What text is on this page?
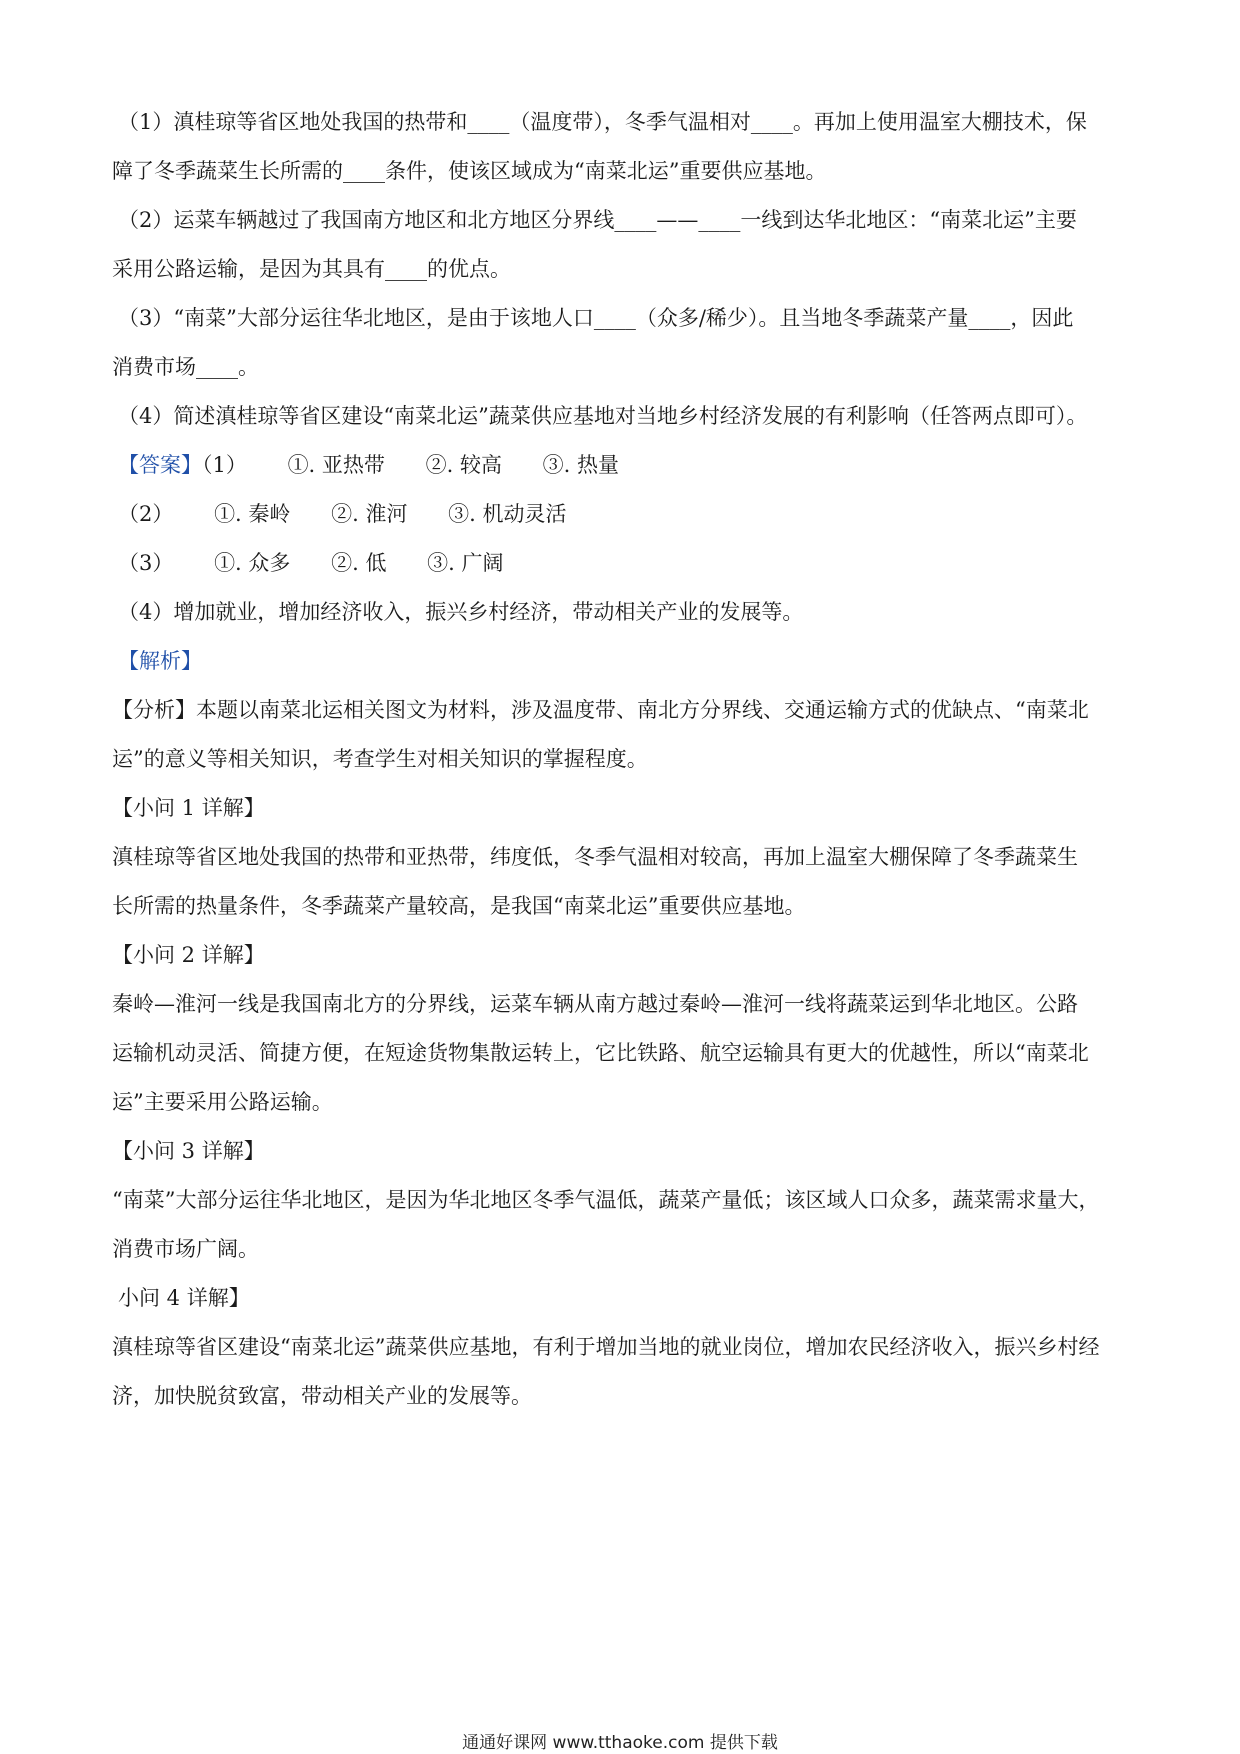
（1）滇桂琼等省区地处我国的热带和____（温度带），冬季气温相对____。再加上使用温室大棚技术，保
障了冬季蔬菜生长所需的____条件，使该区域成为“南菜北运”重要供应基地。
（2）运菜车辆越过了我国南方地区和北方地区分界线____——____一线到达华北地区：“南菜北运”主要
采用公路运输，是因为其具有____的优点。
（3）“南菜”大部分运往华北地区，是由于该地人口____（众多/稀少）。且当地冬季蔬菜产量____，因此
消费市场____。
（4）简述滇桂琼等省区建设“南菜北运”蔬菜供应基地对当地乡村经济发展的有利影响（任答两点即可）。
【答案】（1） ①. 亚热带 ②. 较高 ③. 热量
（2） ①. 秦岭 ②. 淮河 ③. 机动灵活
（3） ①. 众多 ②. 低 ③. 广阔
（4）增加就业，增加经济收入，振兴乡村经济，带动相关产业的发展等。
【解析】
【分析】本题以南菜北运相关图文为材料，涉及温度带、南北方分界线、交通运输方式的优缺点、“南菜北
运”的意义等相关知识，考查学生对相关知识的掌握程度。
【小问 1 详解】
滇桂琼等省区地处我国的热带和亚热带，纬度低，冬季气温相对较高，再加上温室大棚保障了冬季蔬菜生
长所需的热量条件，冬季蔬菜产量较高，是我国“南菜北运”重要供应基地。
【小问 2 详解】
秦岭—淮河一线是我国南北方的分界线，运菜车辆从南方越过秦岭—淮河一线将蔬菜运到华北地区。公路
运输机动灵活、简捷方便，在短途货物集散运转上，它比铁路、航空运输具有更大的优越性，所以“南菜北
运”主要采用公路运输。
【小问 3 详解】
“南菜”大部分运往华北地区，是因为华北地区冬季气温低，蔬菜产量低；该区域人口众多，蔬菜需求量大，
消费市场广阔。
小问 4 详解】
滇桂琼等省区建设“南菜北运”蔬菜供应基地，有利于增加当地的就业岗位，增加农民经济收入，振兴乡村经
济，加快脱贫致富，带动相关产业的发展等。
通通好课网 www.tthaoke.com 提供下载
